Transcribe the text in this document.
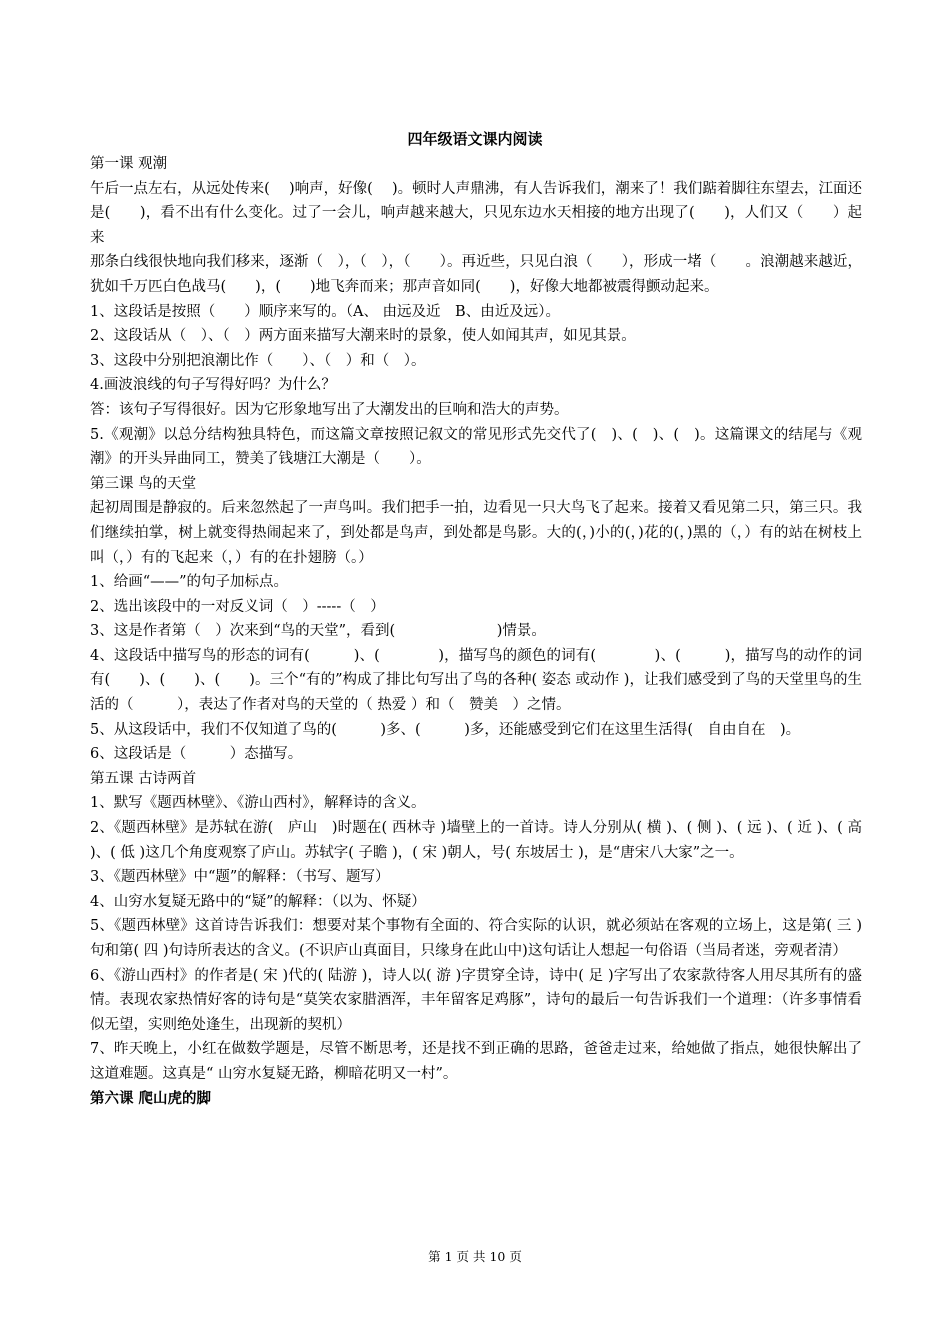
四年级语文课内阅读

第一课 观潮

午后一点左右，从远处传来(　 )响声，好像(　 )。顿时人声鼎沸，有人告诉我们，潮来了！我们踮着脚往东望去，江面还是(　　)，看不出有什么变化。过了一会儿，响声越来越大，只见东边水天相接的地方出现了(　　)，人们又（　　）起来

那条白线很快地向我们移来，逐渐（　），（　），（　　）。再近些，只见白浪（　　），形成一堵（　　。浪潮越来越近，犹如千万匹白色战马(　　)，(　　)地飞奔而来；那声音如同(　　)，好像大地都被震得颤动起来。

1、这段话是按照（　　）顺序来写的。（A、 由远及近　B、由近及远）。

2、这段话从（　）、（　）两方面来描写大潮来时的景象，使人如闻其声，如见其景。

3、这段中分别把浪潮比作（　　）、（　）和（　）。

4.画波浪线的句子写得好吗？为什么？

答：该句子写得很好。因为它形象地写出了大潮发出的巨响和浩大的声势。

5.《观潮》以总分结构独具特色，而这篇文章按照记叙文的常见形式先交代了(　)、(　)、(　)。这篇课文的结尾与《观潮》的开头异曲同工，赞美了钱塘江大潮是（　　）。

第三课 鸟的天堂

起初周围是静寂的。后来忽然起了一声鸟叫。我们把手一拍，边看见一只大鸟飞了起来。接着又看见第二只，第三只。我们继续拍掌，树上就变得热闹起来了，到处都是鸟声，到处都是鸟影。大的(，)小的(，)花的(，)黑的（，）有的站在树枝上叫（，）有的飞起来（，）有的在扑翅膀（。）

1、给画“——”的句子加标点。

2、选出该段中的一对反义词（　）-----（　）

3、这是作者第（　）次来到“鸟的天堂”，看到(　　　　　　　)情景。

4、这段话中描写鸟的形态的词有(　　　)、(　　　　)，描写鸟的颜色的词有(　　　　)、(　　　)，描写鸟的动作的词有(　　)、(　　)、(　　)。三个“有的”构成了排比句写出了鸟的各种( 姿态 或动作 )，让我们感受到了鸟的天堂里鸟的生活的（　　　），表达了作者对鸟的天堂的（ 热爱 ）和（　赞美　）之情。

5、从这段话中，我们不仅知道了鸟的(　　　)多、(　　　)多，还能感受到它们在这里生活得(　自由自在　)。

6、这段话是（　　　）态描写。

第五课 古诗两首

1、默写《题西林壁》、《游山西村》，解释诗的含义。

2、《题西林壁》是苏轼在游(　庐山　)时题在( 西林寺 )墙壁上的一首诗。诗人分别从( 横 )、( 侧 )、( 远 )、( 近 )、( 高 )、( 低 )这几个角度观察了庐山。苏轼字( 子瞻 )，( 宋 )朝人，号( 东坡居士 )，是“唐宋八大家”之一。

3、《题西林壁》中“题”的解释：（书写、题写）

4、山穷水复疑无路中的“疑”的解释：（以为、怀疑）

5、《题西林壁》这首诗告诉我们：想要对某个事物有全面的、符合实际的认识，就必须站在客观的立场上，这是第( 三 )句和第( 四 )句诗所表达的含义。(不识庐山真面目，只缘身在此山中)这句话让人想起一句俗语（当局者迷，旁观者清）

6、《游山西村》的作者是( 宋 )代的( 陆游 )，诗人以( 游 )字贯穿全诗，诗中( 足 )字写出了农家款待客人用尽其所有的盛情。表现农家热情好客的诗句是“莫笑农家腊酒浑，丰年留客足鸡豚”，诗句的最后一句告诉我们一个道理：（许多事情看似无望，实则绝处逢生，出现新的契机）

7、昨天晚上，小红在做数学题是，尽管不断思考，还是找不到正确的思路，爸爸走过来，给她做了指点，她很快解出了这道难题。这真是“ 山穷水复疑无路，柳暗花明又一村”。

第六课 爬山虎的脚

第 1 页 共 10 页
